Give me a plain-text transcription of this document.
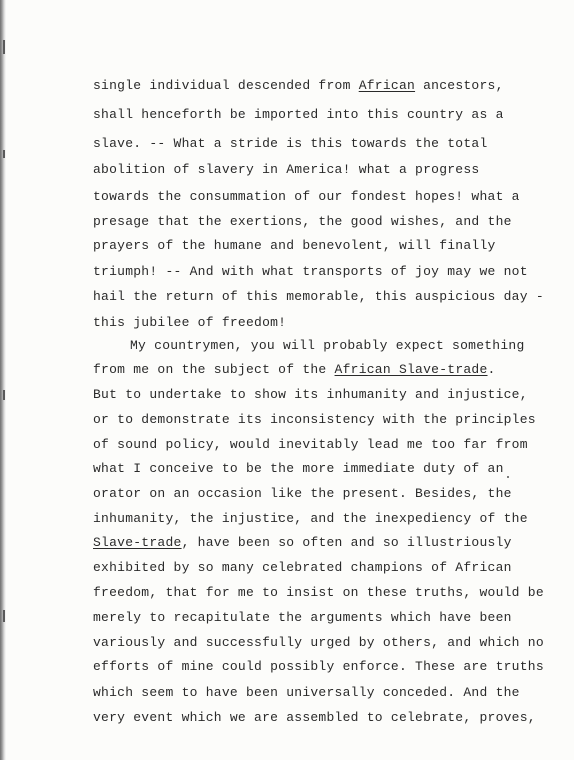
single individual descended from African ancestors,

shall henceforth be imported into this country as a

slave. -- What a stride is this towards the total

abolition of slavery in America! what a progress

towards the consummation of our fondest hopes! what a

presage that the exertions, the good wishes, and the

prayers of the humane and benevolent, will finally

triumph! -- And with what transports of joy may we not

hail the return of this memorable, this auspicious day -

this jubilee of freedom!

My countrymen, you will probably expect something

from me on the subject of the African Slave-trade.

But to undertake to show its inhumanity and injustice,

or to demonstrate its inconsistency with the principles

of sound policy, would inevitably lead me too far from

what I conceive to be the more immediate duty of an

orator on an occasion like the present. Besides, the

inhumanity, the injustice, and the inexpediency of the

Slave-trade, have been so often and so illustriously

exhibited by so many celebrated champions of African

freedom, that for me to insist on these truths, would be

merely to recapitulate the arguments which have been

variously and successfully urged by others, and which no

efforts of mine could possibly enforce. These are truths

which seem to have been universally conceded. And the

very event which we are assembled to celebrate, proves,
